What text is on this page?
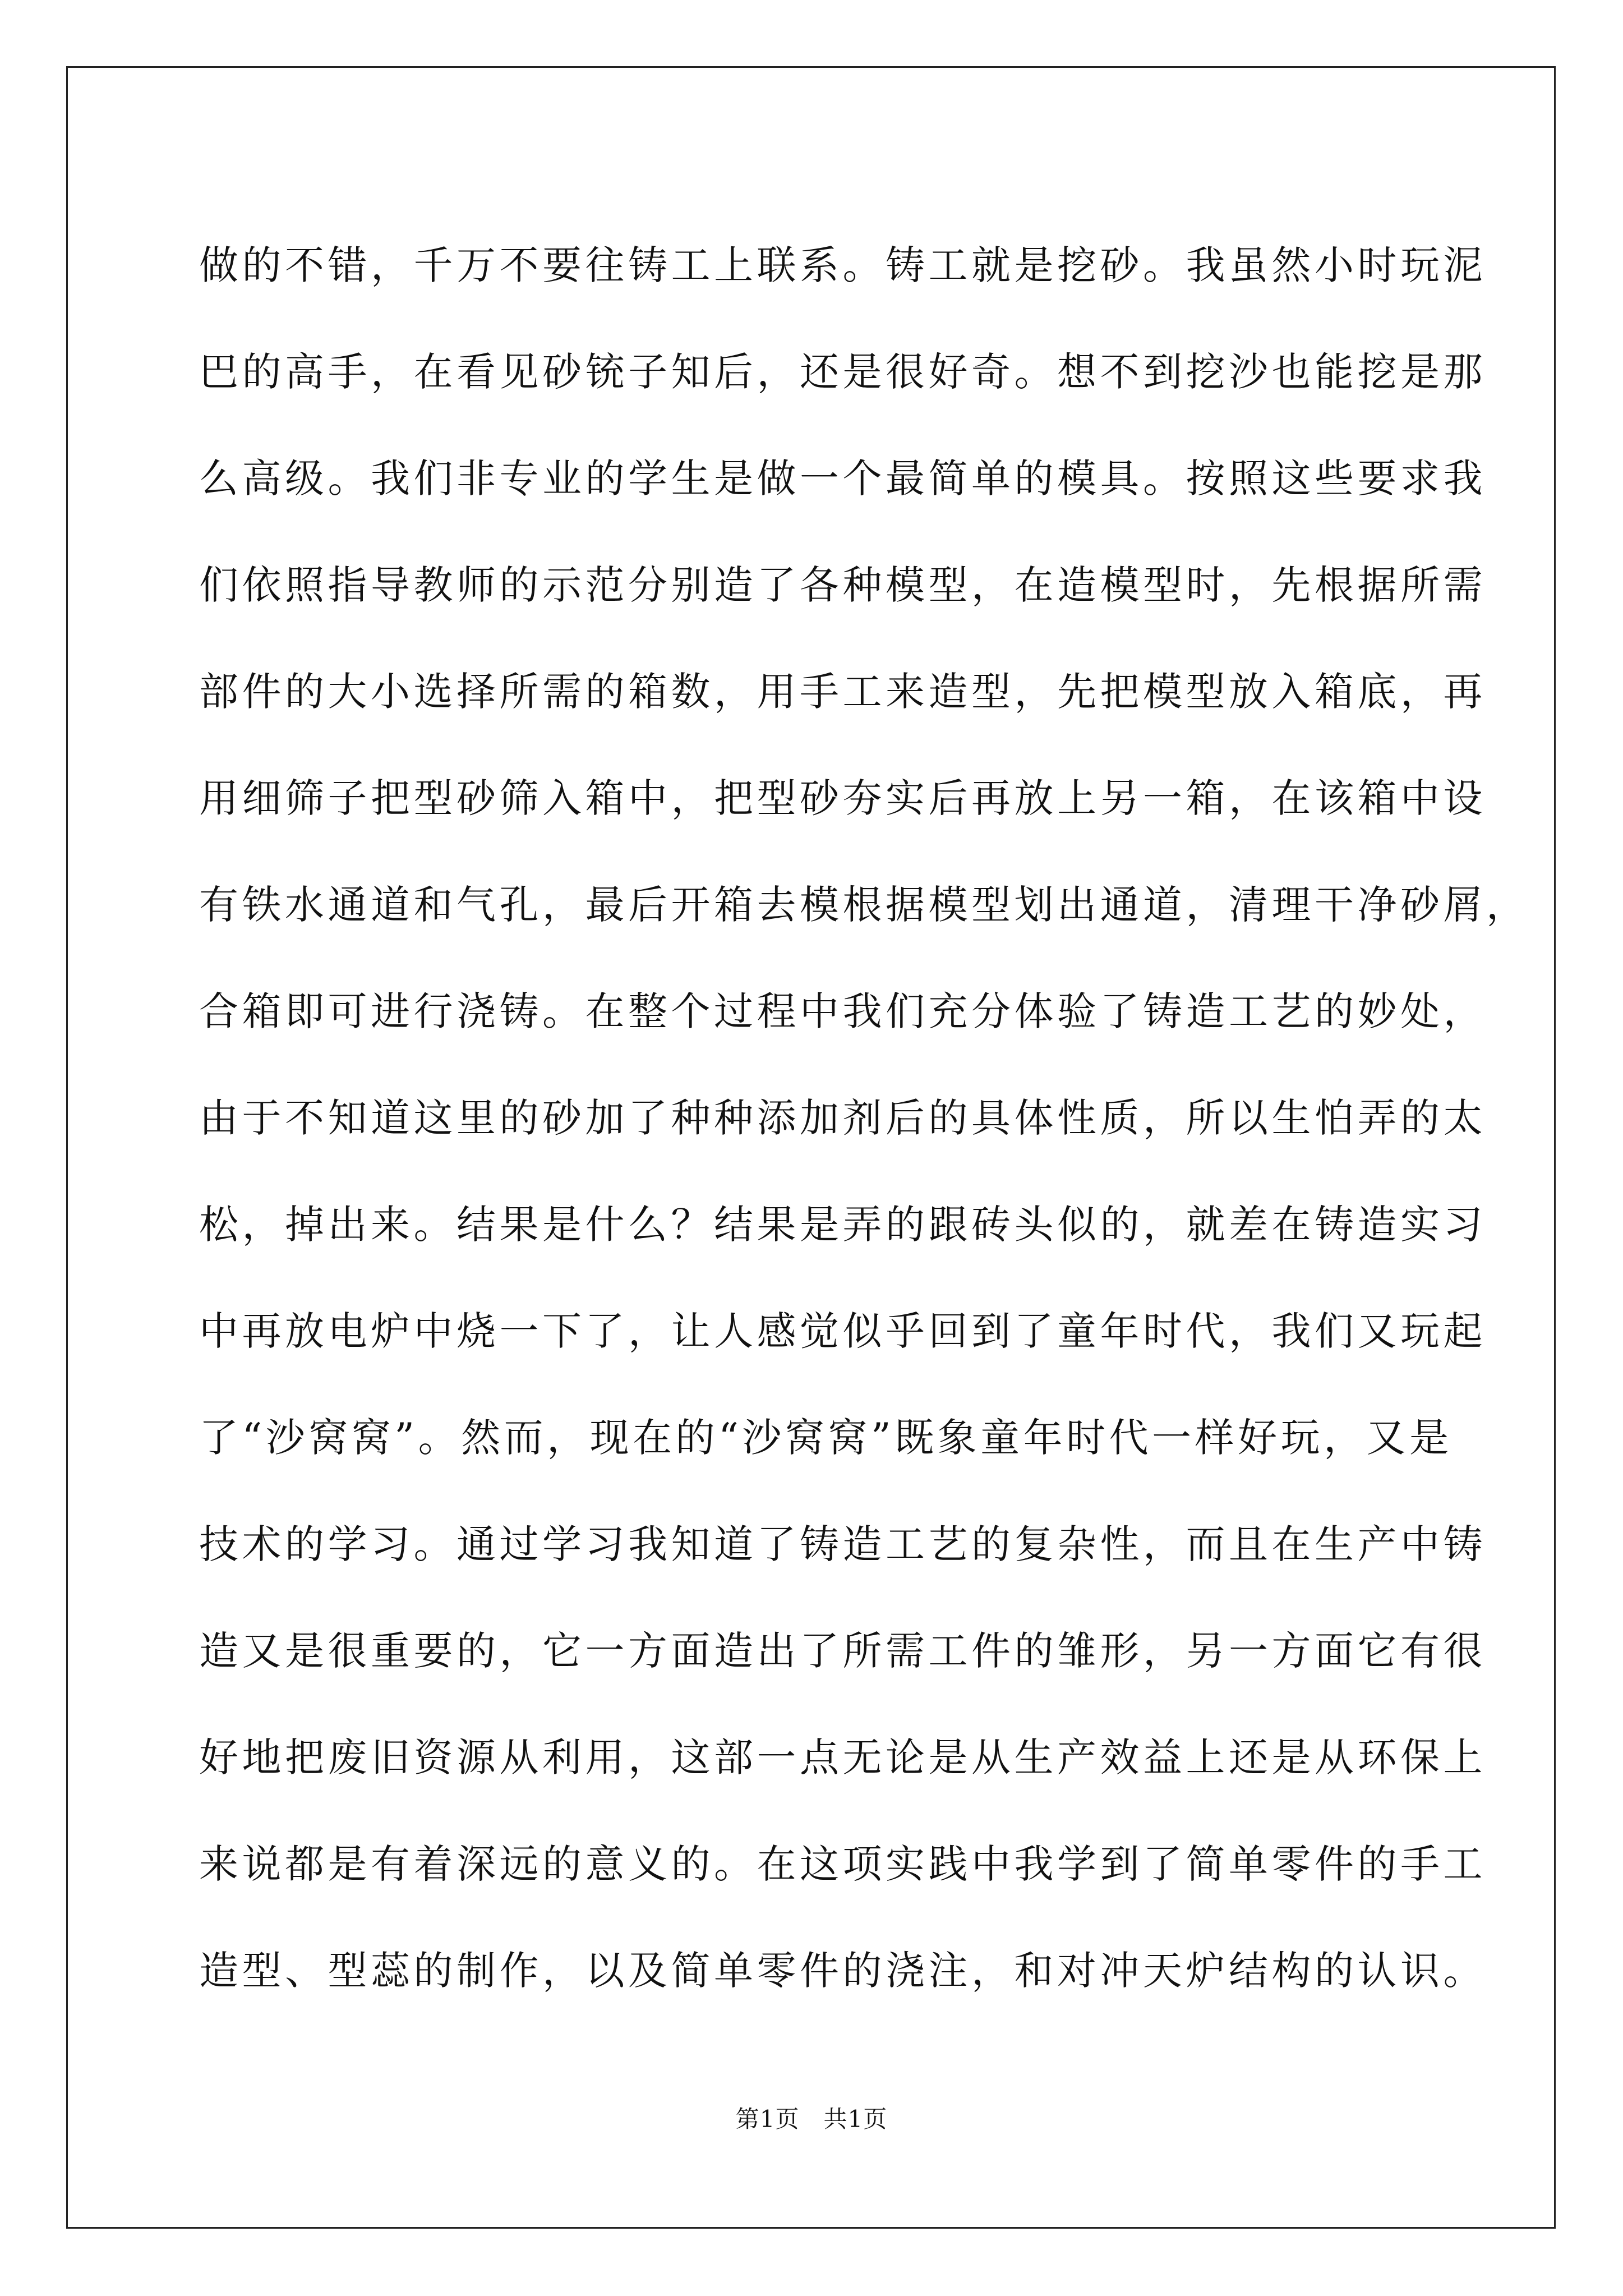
做的不错，千万不要往铸工上联系。铸工就是挖砂。我虽然小时玩泥
巴的高手，在看见砂铳子知后，还是很好奇。想不到挖沙也能挖是那
么高级。我们非专业的学生是做一个最简单的模具。按照这些要求我
们依照指导教师的示范分别造了各种模型，在造模型时，先根据所需
部件的大小选择所需的箱数，用手工来造型，先把模型放入箱底，再
用细筛子把型砂筛入箱中，把型砂夯实后再放上另一箱，在该箱中设
有铁水通道和气孔，最后开箱去模根据模型划出通道，清理干净砂屑，
合箱即可进行浇铸。在整个过程中我们充分体验了铸造工艺的妙处，
由于不知道这里的砂加了种种添加剂后的具体性质，所以生怕弄的太
松，掉出来。结果是什么？结果是弄的跟砖头似的，就差在铸造实习
中再放电炉中烧一下了，让人感觉似乎回到了童年时代，我们又玩起
了“沙窝窝”。然而，现在的“沙窝窝”既象童年时代一样好玩，又是
技术的学习。通过学习我知道了铸造工艺的复杂性，而且在生产中铸
造又是很重要的，它一方面造出了所需工件的雏形，另一方面它有很
好地把废旧资源从利用，这部一点无论是从生产效益上还是从环保上
来说都是有着深远的意义的。在这项实践中我学到了简单零件的手工
造型、型蕊的制作，以及简单零件的浇注，和对冲天炉结构的认识。
第1页   共1页
